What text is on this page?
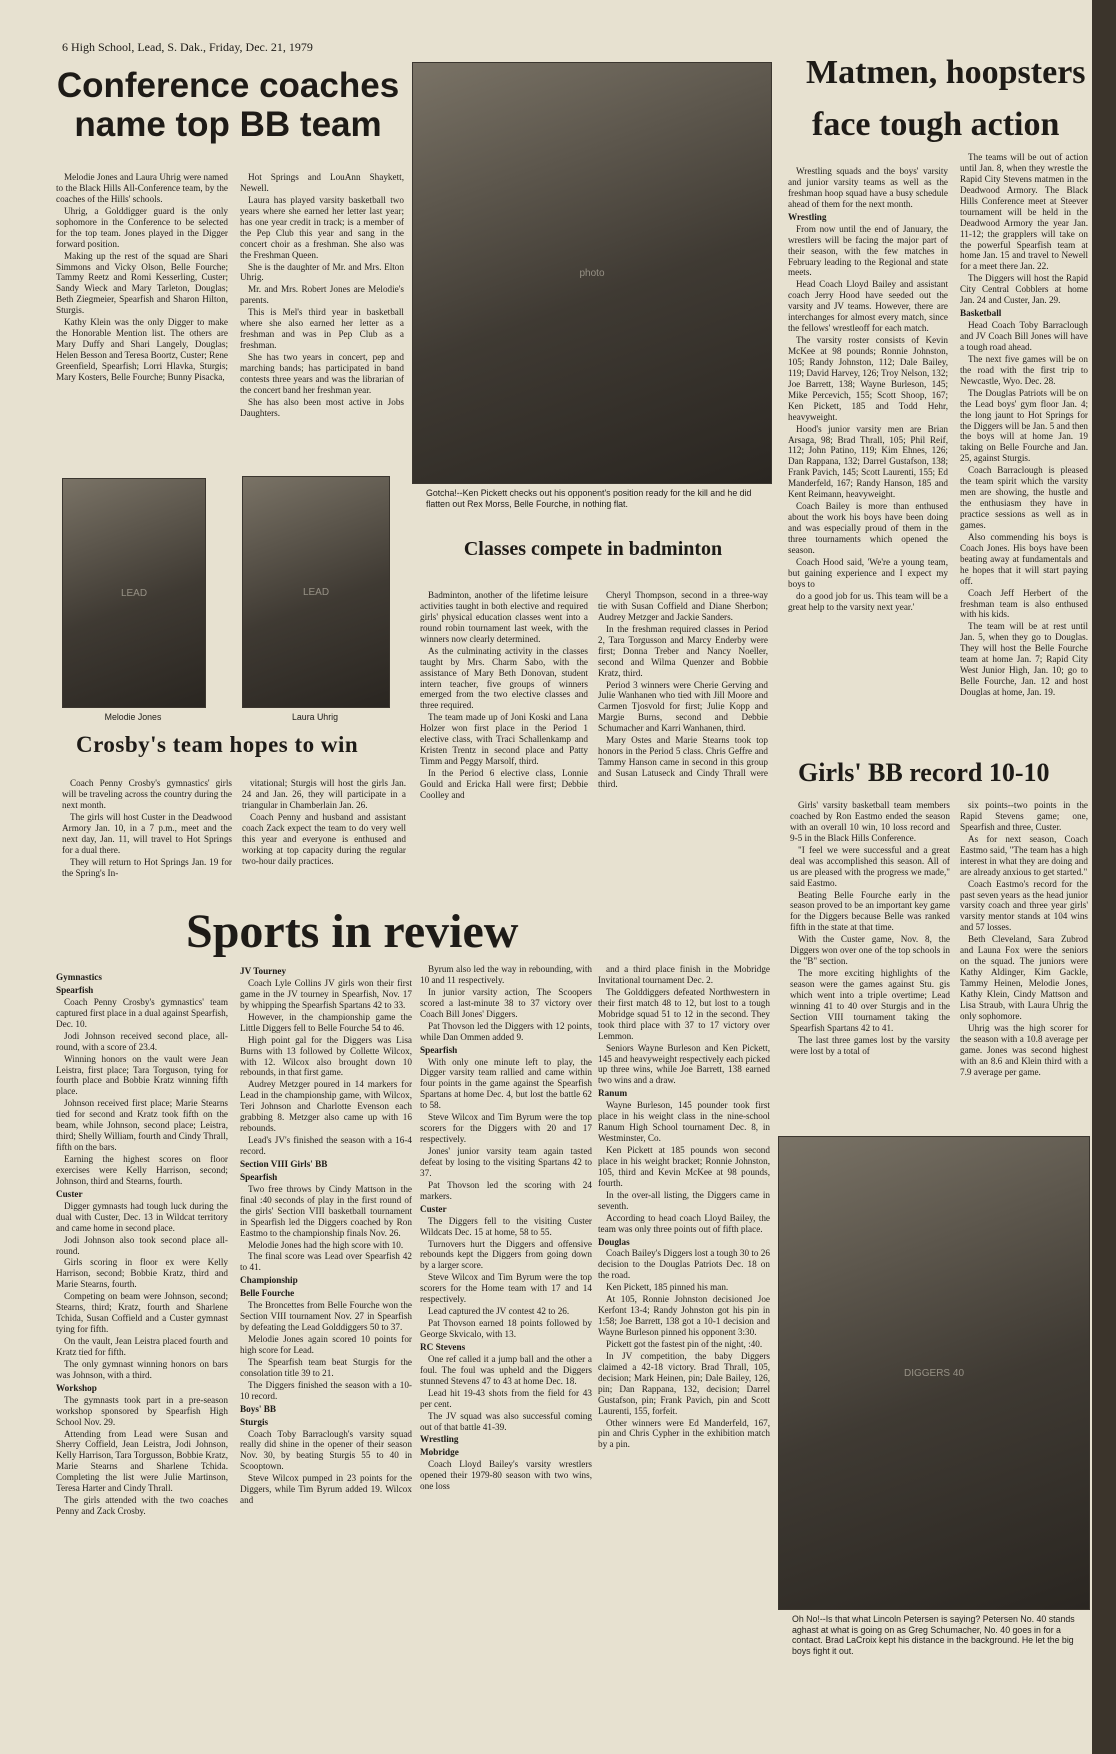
6 High School, Lead, S. Dak., Friday, Dec. 21, 1979
Conference coaches name top BB team

Melodie Jones and Laura Uhrig were named to the Black Hills All-Conference team, by the coaches of the Hills' schools.

Uhrig, a Golddigger guard is the only sophomore in the Conference to be selected for the top team. Jones played in the Digger forward position.

Making up the rest of the squad are Shari Simmons and Vicky Olson, Belle Fourche; Tammy Reetz and Romi Kesserling, Custer; Sandy Wieck and Mary Tarleton, Douglas; Beth Ziegmeier, Spearfish and Sharon Hilton, Sturgis.

Kathy Klein was the only Digger to make the Honorable Mention list. The others are Mary Duffy and Shari Langely, Douglas; Helen Besson and Teresa Boortz, Custer; Rene Greenfield, Spearfish; Lorri Hlavka, Sturgis; Mary Kosters, Belle Fourche; Bunny Pisacka,

Hot Springs and LouAnn Shaykett, Newell.

Laura has played varsity basketball two years where she earned her letter last year; has one year credit in track; is a member of the Pep Club this year and sang in the concert choir as a freshman. She also was the Freshman Queen.

She is the daughter of Mr. and Mrs. Elton Uhrig.

Mr. and Mrs. Robert Jones are Melodie's parents.

This is Mel's third year in basketball where she also earned her letter as a freshman and was in Pep Club as a freshman.

She has two years in concert, pep and marching bands; has participated in band contests three years and was the librarian of the concert band her freshman year.

She has also been most active in Jobs Daughters.

LEAD
Melodie Jones
LEAD
Laura Uhrig
Crosby's team hopes to win

Coach Penny Crosby's gymnastics' girls will be traveling across the country during the next month.

The girls will host Custer in the Deadwood Armory Jan. 10, in a 7 p.m., meet and the next day, Jan. 11, will travel to Hot Springs for a dual there.

They will return to Hot Springs Jan. 19 for the Spring's In-

vitational; Sturgis will host the girls Jan. 24 and Jan. 26, they will participate in a triangular in Chamberlain Jan. 26.

Coach Penny and husband and assistant coach Zack expect the team to do very well this year and everyone is enthused and working at top capacity during the regular two-hour daily practices.

photo
Gotcha!--Ken Pickett checks out his opponent's position ready for the kill and he did flatten out Rex Morss, Belle Fourche, in nothing flat.
Classes compete in badminton

Badminton, another of the lifetime leisure activities taught in both elective and required girls' physical education classes went into a round robin tournament last week, with the winners now clearly determined.

As the culminating activity in the classes taught by Mrs. Charm Sabo, with the assistance of Mary Beth Donovan, student intern teacher, five groups of winners emerged from the two elective classes and three required.

The team made up of Joni Koski and Lana Holzer won first place in the Period 1 elective class, with Traci Schallenkamp and Kristen Trentz in second place and Patty Timm and Peggy Marsolf, third.

In the Period 6 elective class, Lonnie Gould and Ericka Hall were first; Debbie Coolley and

Cheryl Thompson, second in a three-way tie with Susan Coffield and Diane Sherbon; Audrey Metzger and Jackie Sanders.

In the freshman required classes in Period 2, Tara Torgusson and Marcy Enderby were first; Donna Treber and Nancy Noeller, second and Wilma Quenzer and Bobbie Kratz, third.

Period 3 winners were Cherie Gerving and Julie Wanhanen who tied with Jill Moore and Carmen Tjosvold for first; Julie Kopp and Margie Burns, second and Debbie Schumacher and Karri Wanhanen, third.

Mary Ostes and Marie Stearns took top honors in the Period 5 class. Chris Geffre and Tammy Hanson came in second in this group and Susan Latuseck and Cindy Thrall were third.

Matmen, hoopsters
face tough action

Wrestling squads and the boys' varsity and junior varsity teams as well as the freshman hoop squad have a busy schedule ahead of them for the next month.

Wrestling

From now until the end of January, the wrestlers will be facing the major part of their season, with the few matches in February leading to the Regional and state meets.

Head Coach Lloyd Bailey and assistant coach Jerry Hood have seeded out the varsity and JV teams. However, there are interchanges for almost every match, since the fellows' wrestleoff for each match.

The varsity roster consists of Kevin McKee at 98 pounds; Ronnie Johnston, 105; Randy Johnston, 112; Dale Bailey, 119; David Harvey, 126; Troy Nelson, 132; Joe Barrett, 138; Wayne Burleson, 145; Mike Percevich, 155; Scott Shoop, 167; Ken Pickett, 185 and Todd Hehr, heavyweight.

Hood's junior varsity men are Brian Arsaga, 98; Brad Thrall, 105; Phil Reif, 112; John Patino, 119; Kim Ehnes, 126; Dan Rappana, 132; Darrel Gustafson, 138; Frank Pavich, 145; Scott Laurenti, 155; Ed Manderfeld, 167; Randy Hanson, 185 and Kent Reimann, heavyweight.

Coach Bailey is more than enthused about the work his boys have been doing and was especially proud of them in the three tournaments which opened the season.

Coach Hood said, 'We're a young team, but gaining experience and I expect my boys to

do a good job for us. This team will be a great help to the varsity next year.'

The teams will be out of action until Jan. 8, when they wrestle the Rapid City Stevens matmen in the Deadwood Armory. The Black Hills Conference meet at Steever tournament will be held in the Deadwood Armory the year Jan. 11-12; the grapplers will take on the powerful Spearfish team at home Jan. 15 and travel to Newell for a meet there Jan. 22.

The Diggers will host the Rapid City Central Cobblers at home Jan. 24 and Custer, Jan. 29.

Basketball

Head Coach Toby Barraclough and JV Coach Bill Jones will have a tough road ahead.

The next five games will be on the road with the first trip to Newcastle, Wyo. Dec. 28.

The Douglas Patriots will be on the Lead boys' gym floor Jan. 4; the long jaunt to Hot Springs for the Diggers will be Jan. 5 and then the boys will at home Jan. 19 taking on Belle Fourche and Jan. 25, against Sturgis.

Coach Barraclough is pleased the team spirit which the varsity men are showing, the hustle and the enthusiasm they have in practice sessions as well as in games.

Also commending his boys is Coach Jones. His boys have been beating away at fundamentals and he hopes that it will start paying off.

Coach Jeff Herbert of the freshman team is also enthused with his kids.

The team will be at rest until Jan. 5, when they go to Douglas. They will host the Belle Fourche team at home Jan. 7; Rapid City West Junior High, Jan. 10; go to Belle Fourche, Jan. 12 and host Douglas at home, Jan. 19.

Girls' BB record 10-10

Girls' varsity basketball team members coached by Ron Eastmo ended the season with an overall 10 win, 10 loss record and 9-5 in the Black Hills Conference.

"I feel we were successful and a great deal was accomplished this season. All of us are pleased with the progress we made," said Eastmo.

Beating Belle Fourche early in the season proved to be an important key game for the Diggers because Belle was ranked fifth in the state at that time.

With the Custer game, Nov. 8, the Diggers won over one of the top schools in the "B" section.

The more exciting highlights of the season were the games against Stu. gis which went into a triple overtime; Lead winning 41 to 40 over Sturgis and in the Section VIII tournament taking the Spearfish Spartans 42 to 41.

The last three games lost by the varsity were lost by a total of

six points--two points in the Rapid Stevens game; one, Spearfish and three, Custer.

As for next season, Coach Eastmo said, "The team has a high interest in what they are doing and are already anxious to get started."

Coach Eastmo's record for the past seven years as the head junior varsity coach and three year girls' varsity mentor stands at 104 wins and 57 losses.

Beth Cleveland, Sara Zubrod and Launa Fox were the seniors on the squad. The juniors were Kathy Aldinger, Kim Gackle, Tammy Heinen, Melodie Jones, Kathy Klein, Cindy Mattson and Lisa Straub, with Laura Uhrig the only sophomore.

Uhrig was the high scorer for the season with a 10.8 average per game. Jones was second highest with an 8.6 and Klein third with a 7.9 average per game.

DIGGERS 40
Oh No!--Is that what Lincoln Petersen is saying? Petersen No. 40 stands aghast at what is going on as Greg Schumacher, No. 40 goes in for a contact. Brad LaCroix kept his distance in the background. He let the big boys fight it out.
Sports in review

Gymnastics

Spearfish

Coach Penny Crosby's gymnastics' team captured first place in a dual against Spearfish, Dec. 10.

Jodi Johnson received second place, all-round, with a score of 23.4.

Winning honors on the vault were Jean Leistra, first place; Tara Torguson, tying for fourth place and Bobbie Kratz winning fifth place.

Johnson received first place; Marie Stearns tied for second and Kratz took fifth on the beam, while Johnson, second place; Leistra, third; Shelly William, fourth and Cindy Thrall, fifth on the bars.

Earning the highest scores on floor exercises were Kelly Harrison, second; Johnson, third and Stearns, fourth.

Custer

Digger gymnasts had tough luck during the dual with Custer, Dec. 13 in Wildcat territory and came home in second place.

Jodi Johnson also took second place all-round.

Girls scoring in floor ex were Kelly Harrison, second; Bobbie Kratz, third and Marie Stearns, fourth.

Competing on beam were Johnson, second; Stearns, third; Kratz, fourth and Sharlene Tchida, Susan Coffield and a Custer gymnast tying for fifth.

On the vault, Jean Leistra placed fourth and Kratz tied for fifth.

The only gymnast winning honors on bars was Johnson, with a third.

Workshop

The gymnasts took part in a pre-season workshop sponsored by Spearfish High School Nov. 29.

Attending from Lead were Susan and Sherry Coffield, Jean Leistra, Jodi Johnson, Kelly Harrison, Tara Torgusson, Bobbie Kratz, Marie Stearns and Sharlene Tchida. Completing the list were Julie Martinson, Teresa Harter and Cindy Thrall.

The girls attended with the two coaches Penny and Zack Crosby.

JV Tourney

Coach Lyle Collins JV girls won their first game in the JV tourney in Spearfish, Nov. 17 by whipping the Spearfish Spartans 42 to 33.

However, in the championship game the Little Diggers fell to Belle Fourche 54 to 46.

High point gal for the Diggers was Lisa Burns with 13 followed by Collette Wilcox, with 12. Wilcox also brought down 10 rebounds, in that first game.

Audrey Metzger poured in 14 markers for Lead in the championship game, with Wilcox, Teri Johnson and Charlotte Evenson each grabbing 8. Metzger also came up with 16 rebounds.

Lead's JV's finished the season with a 16-4 record.

Section VIII Girls' BB

Spearfish

Two free throws by Cindy Mattson in the final :40 seconds of play in the first round of the girls' Section VIII basketball tournament in Spearfish led the Diggers coached by Ron Eastmo to the championship finals Nov. 26.

Melodie Jones had the high score with 10.

The final score was Lead over Spearfish 42 to 41.

Championship

Belle Fourche

The Broncettes from Belle Fourche won the Section VIII tournament Nov. 27 in Spearfish by defeating the Lead Golddiggers 50 to 37.

Melodie Jones again scored 10 points for high score for Lead.

The Spearfish team beat Sturgis for the consolation title 39 to 21.

The Diggers finished the season with a 10-10 record.

Boys' BB

Sturgis

Coach Toby Barraclough's varsity squad really did shine in the opener of their season Nov. 30, by beating Sturgis 55 to 40 in Scooptown.

Steve Wilcox pumped in 23 points for the Diggers, while Tim Byrum added 19. Wilcox and

Byrum also led the way in rebounding, with 10 and 11 respectively.

In junior varsity action, The Scoopers scored a last-minute 38 to 37 victory over Coach Bill Jones' Diggers.

Pat Thovson led the Diggers with 12 points, while Dan Ommen added 9.

Spearfish

With only one minute left to play, the Digger varsity team rallied and came within four points in the game against the Spearfish Spartans at home Dec. 4, but lost the battle 62 to 58.

Steve Wilcox and Tim Byrum were the top scorers for the Diggers with 20 and 17 respectively.

Jones' junior varsity team again tasted defeat by losing to the visiting Spartans 42 to 37.

Pat Thovson led the scoring with 24 markers.

Custer

The Diggers fell to the visiting Custer Wildcats Dec. 15 at home, 58 to 55.

Turnovers hurt the Diggers and offensive rebounds kept the Diggers from going down by a larger score.

Steve Wilcox and Tim Byrum were the top scorers for the Home team with 17 and 14 respectively.

Lead captured the JV contest 42 to 26.

Pat Thovson earned 18 points followed by George Skvicalo, with 13.

RC Stevens

One ref called it a jump ball and the other a foul. The foul was upheld and the Diggers stunned Stevens 47 to 43 at home Dec. 18.

Lead hit 19-43 shots from the field for 43 per cent.

The JV squad was also successful coming out of that battle 41-39.

Wrestling

Mobridge

Coach Lloyd Bailey's varsity wrestlers opened their 1979-80 season with two wins, one loss

and a third place finish in the Mobridge Invitational tournament Dec. 2.

The Golddiggers defeated Northwestern in their first match 48 to 12, but lost to a tough Mobridge squad 51 to 12 in the second. They took third place with 37 to 17 victory over Lemmon.

Seniors Wayne Burleson and Ken Pickett, 145 and heavyweight respectively each picked up three wins, while Joe Barrett, 138 earned two wins and a draw.

Ranum

Wayne Burleson, 145 pounder took first place in his weight class in the nine-school Ranum High School tournament Dec. 8, in Westminster, Co.

Ken Pickett at 185 pounds won second place in his weight bracket; Ronnie Johnston, 105, third and Kevin McKee at 98 pounds, fourth.

In the over-all listing, the Diggers came in seventh.

According to head coach Lloyd Bailey, the team was only three points out of fifth place.

Douglas

Coach Bailey's Diggers lost a tough 30 to 26 decision to the Douglas Patriots Dec. 18 on the road.

Ken Pickett, 185 pinned his man.

At 105, Ronnie Johnston decisioned Joe Kerfont 13-4; Randy Johnston got his pin in 1:58; Joe Barrett, 138 got a 10-1 decision and Wayne Burleson pinned his opponent 3:30.

Pickett got the fastest pin of the night, :40.

In JV competition, the baby Diggers claimed a 42-18 victory. Brad Thrall, 105, decision; Mark Heinen, pin; Dale Bailey, 126, pin; Dan Rappana, 132, decision; Darrel Gustafson, pin; Frank Pavich, pin and Scott Laurenti, 155, forfeit.

Other winners were Ed Manderfeld, 167, pin and Chris Cypher in the exhibition match by a pin.
